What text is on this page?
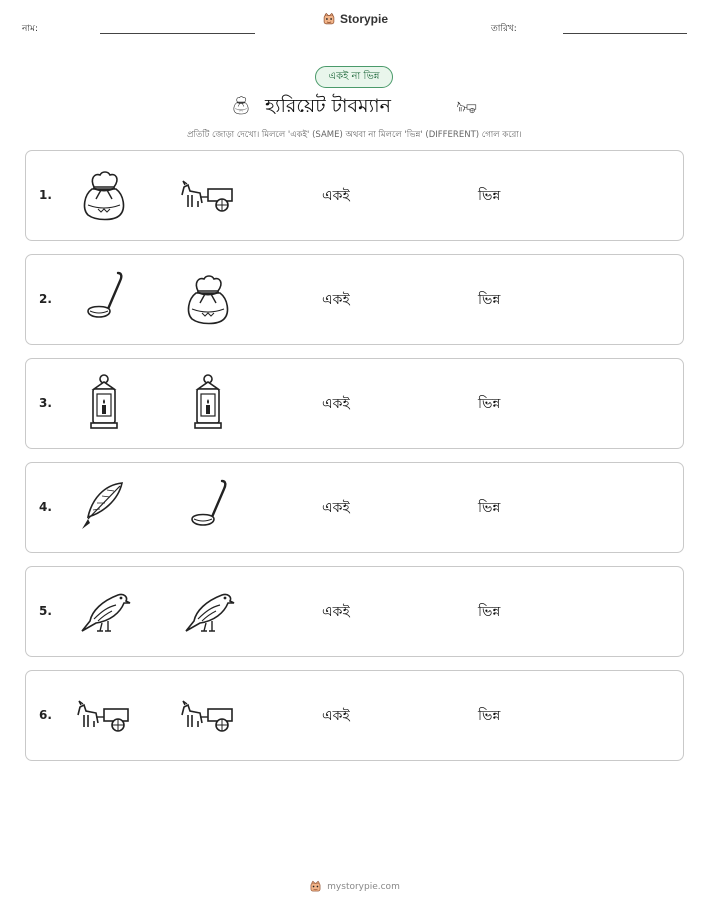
নাম:
Storypie
তারিখ:
একই না ভিন্ন
হ্যরিয়েট টাবম্যান
প্রতিটি জোড়া দেখো। মিললে 'একই' (SAME) অথবা না মিললে 'ভিন্ন' (DIFFERENT) গোল করো।
1.	একই	ভিন্ন
2.	একই	ভিন্ন
3.	একই	ভিন্ন
4.	একই	ভিন্ন
5.	একই	ভিন্ন
6.	একই	ভিন্ন
mystorypie.com
